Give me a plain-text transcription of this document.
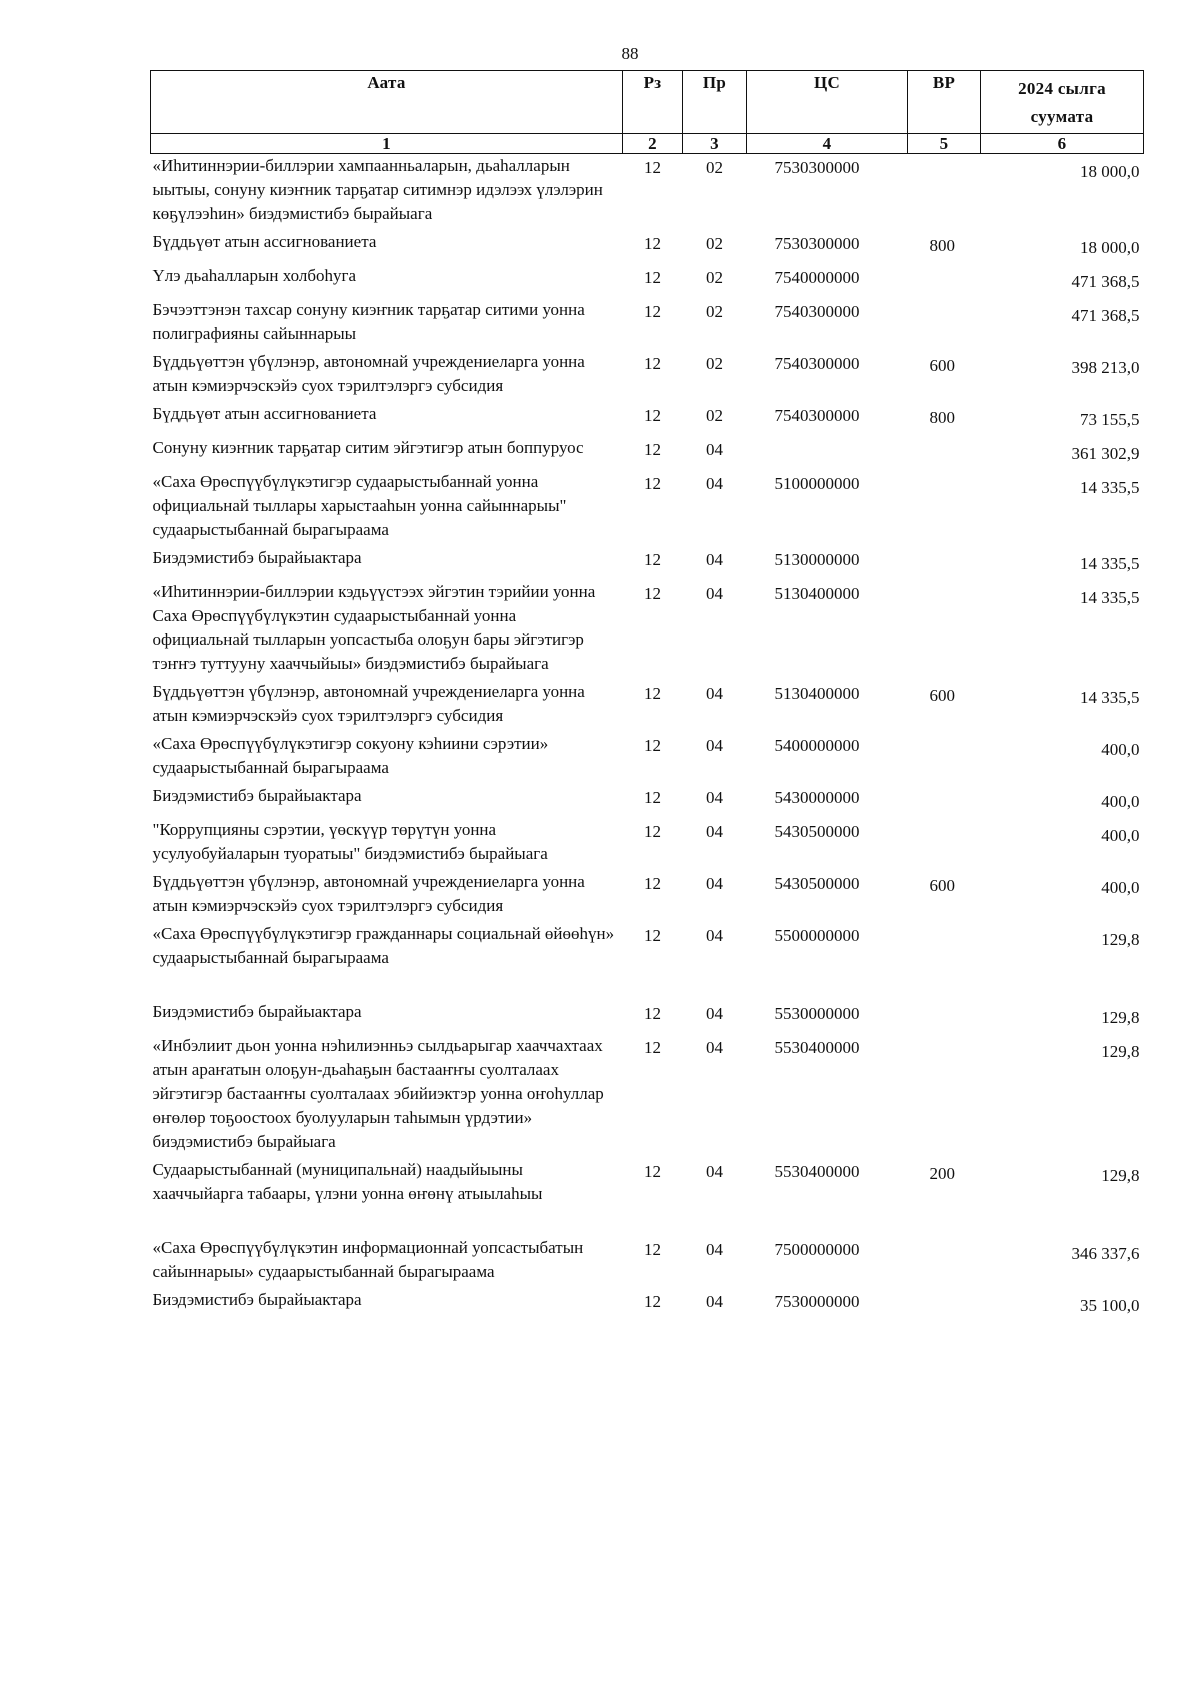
88
Аата	Рз	Пр	ЦС	ВР	2024 сылга суумата
1	2	3	4	5	6
«Иһитиннэрии-биллэрии хампаанньаларын, дьаһалларын ыытыы, сонуну киэҥник тарҕатар ситимнэр идэлээх үлэлэрин көҕүлээһин» биэдэмистибэ бырайыага	12	02	7530300000		18 000,0
Бүддьүөт атын ассигнованиета	12	02	7530300000	800	18 000,0
Үлэ дьаһалларын холбоһуга	12	02	7540000000		471 368,5
Бэчээттэнэн тахсар сонуну киэҥник тарҕатар ситими уонна полиграфияны сайыннарыы	12	02	7540300000		471 368,5
Бүддьүөттэн үбүлэнэр, автономнай учреждениеларга уонна атын кэмиэрчэскэйэ суох тэрилтэлэргэ субсидия	12	02	7540300000	600	398 213,0
Бүддьүөт атын ассигнованиета	12	02	7540300000	800	73 155,5
Сонуну киэҥник тарҕатар ситим эйгэтигэр атын боппуруос	12	04			361 302,9
«Саха Өрөспүүбүлүкэтигэр судаарыстыбаннай уонна официальнай тыллары харыстааһын уонна сайыннарыы" судаарыстыбаннай бырагыраама	12	04	5100000000		14 335,5
Биэдэмистибэ бырайыактара	12	04	5130000000		14 335,5
«Иһитиннэрии-биллэрии кэдьүүстээх эйгэтин тэрийии уонна Саха Өрөспүүбүлүкэтин судаарыстыбаннай уонна официальнай тылларын уопсастыба олоҕун бары эйгэтигэр тэҥҥэ туттууну хааччыйыы» биэдэмистибэ бырайыага	12	04	5130400000		14 335,5
Бүддьүөттэн үбүлэнэр, автономнай учреждениеларга уонна атын кэмиэрчэскэйэ суох тэрилтэлэргэ субсидия	12	04	5130400000	600	14 335,5
«Саха Өрөспүүбүлүкэтигэр сокуону кэһиини сэрэтии» судаарыстыбаннай бырагыраама	12	04	5400000000		400,0
Биэдэмистибэ бырайыактара	12	04	5430000000		400,0
"Коррупцияны сэрэтии, үөскүүр төрүтүн уонна усулуобуйаларын туоратыы" биэдэмистибэ бырайыага	12	04	5430500000		400,0
Бүддьүөттэн үбүлэнэр, автономнай учреждениеларга уонна атын кэмиэрчэскэйэ суох тэрилтэлэргэ субсидия	12	04	5430500000	600	400,0
«Саха Өрөспүүбүлүкэтигэр гражданнары социальнай өйөөһүн» судаарыстыбаннай бырагыраама	12	04	5500000000		129,8
Биэдэмистибэ бырайыактара	12	04	5530000000		129,8
«Инбэлиит дьон уонна нэһилиэнньэ сылдьарыгар хааччахтаах атын араҥатын олоҕун-дьаһаҕын бастааҥҥы суолталаах эйгэтигэр бастааҥҥы суолталаах эбийиэктэр уонна оҥоһуллар өҥөлөр тоҕоостоох буолууларын таһымын үрдэтии» биэдэмистибэ бырайыага	12	04	5530400000		129,8
Судаарыстыбаннай (муниципальнай) наадыйыыны хааччыйарга табаары, үлэни уонна өҥөнү атыылаһыы	12	04	5530400000	200	129,8
«Саха Өрөспүүбүлүкэтин информационнай уопсастыбатын сайыннарыы» судаарыстыбаннай бырагыраама	12	04	7500000000		346 337,6
Биэдэмистибэ бырайыактара	12	04	7530000000		35 100,0
